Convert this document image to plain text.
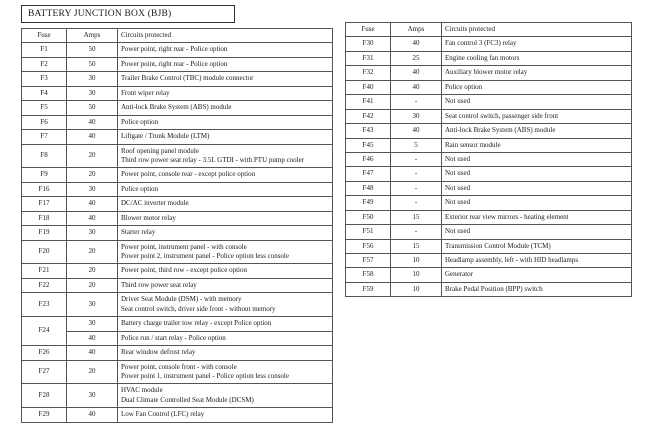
BATTERY JUNCTION BOX (BJB)
Fuse	Amps	Circuits protected
F1	50	Power point, right rear - Police option

F2	50	Power point, right rear - Police option

F3	30	Trailer Brake Control (TBC) module connector

F4	30	Front wiper relay

F5	50	Anti-lock Brake System (ABS) module

F6	40	Police option

F7	40	Liftgate / Trunk Module (LTM)

F8	20	Roof opening panel module
Third row power seat relay - 3.5L GTDI - with PTU pump cooler

F9	20	Power point, console rear - except police option

F16	30	Police option

F17	40	DC/AC inverter module

F18	40	Blower motor relay

F19	30	Starter relay

F20	20	Power point, instrument panel - with console
Power point 2, instrument panel - Police option less console

F21	20	Power point, third row - except police option

F22	20	Third row power seat relay

F23	30	Driver Seat Module (DSM) - with memory
Seat control switch, driver side front - without memory

F24	30	Battery charge trailer tow relay - except Police option

	40	Police run / start relay - Police option

F26	40	Rear window defrost relay

F27	20	Power point, console front - with console
Power point 1, instrument panel - Police option less console

F28	30	HVAC module
Dual Climate Controlled Seat Module (DCSM)

F29	40	Low Fan Control (LFC) relay
Fuse	Amps	Circuits protected
F30	40	Fan control 3 (FC3) relay

F31	25	Engine cooling fan motors

F32	40	Auxiliary blower motor relay

F40	40	Police option

F41	-	Not used

F42	30	Seat control switch, passenger side front

F43	40	Anti-lock Brake System (ABS) module

F45	5	Rain sensor module

F46	-	Not used

F47	-	Not used

F48	-	Not used

F49	-	Not used

F50	15	Exterior rear view mirrors - heating element

F51	-	Not used

F56	15	Transmission Control Module (TCM)

F57	10	Headlamp assembly, left - with HID headlamps

F58	10	Generator

F59	10	Brake Pedal Position (BPP) switch
